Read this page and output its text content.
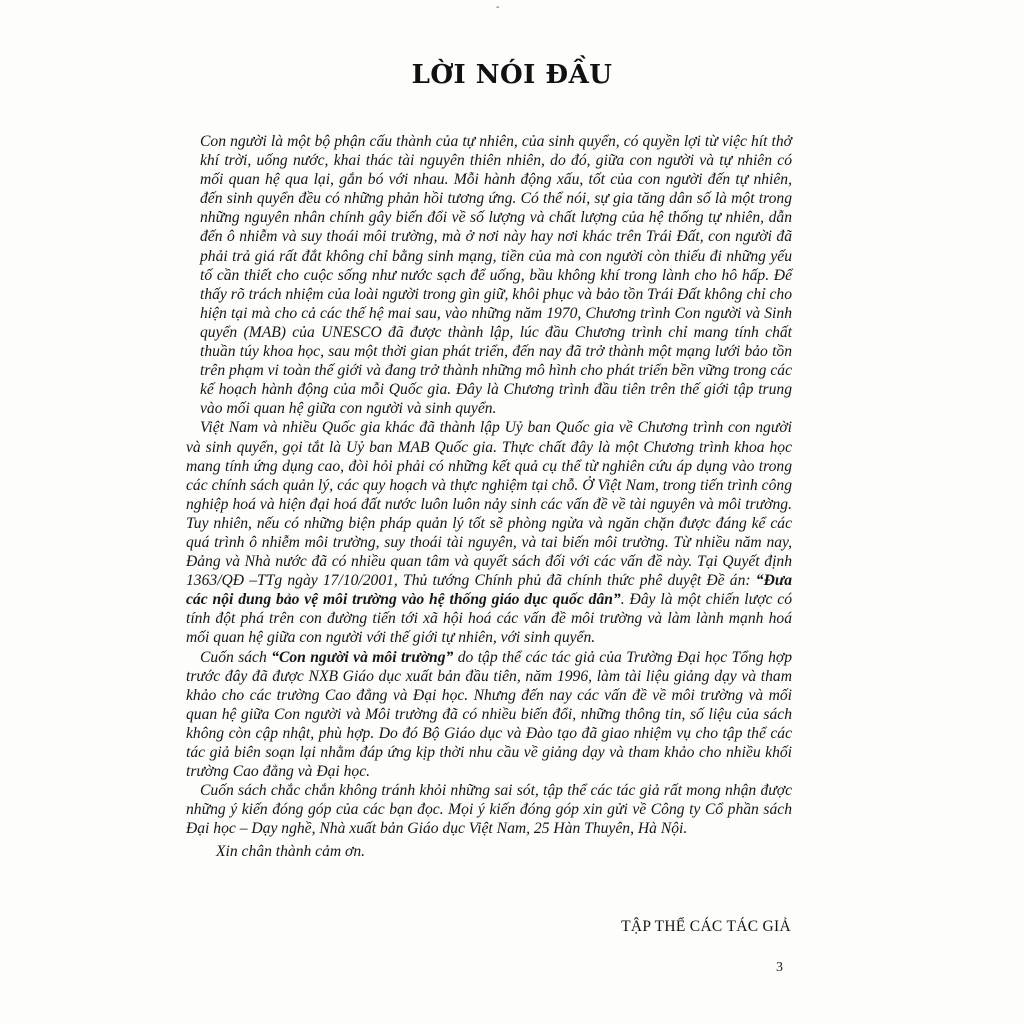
-
LỜI NÓI ĐẦU

Con người là một bộ phận cấu thành của tự nhiên, của sinh quyển, có quyền lợi từ việc hít thở khí trời, uống nước, khai thác tài nguyên thiên nhiên, do đó, giữa con người và tự nhiên có mối quan hệ qua lại, gắn bó với nhau. Mỗi hành động xấu, tốt của con người đến tự nhiên, đến sinh quyển đều có những phản hồi tương ứng. Có thể nói, sự gia tăng dân số là một trong những nguyên nhân chính gây biến đổi về số lượng và chất lượng của hệ thống tự nhiên, dẫn đến ô nhiễm và suy thoái môi trường, mà ở nơi này hay nơi khác trên Trái Đất, con người đã phải trả giá rất đắt không chỉ bằng sinh mạng, tiền của mà con người còn thiếu đi những yếu tố cần thiết cho cuộc sống như nước sạch để uống, bầu không khí trong lành cho hô hấp. Để thấy rõ trách nhiệm của loài người trong gìn giữ, khôi phục và bảo tồn Trái Đất không chỉ cho hiện tại mà cho cả các thế hệ mai sau, vào những năm 1970, Chương trình Con người và Sinh quyển (MAB) của UNESCO đã được thành lập, lúc đầu Chương trình chỉ mang tính chất thuần túy khoa học, sau một thời gian phát triển, đến nay đã trở thành một mạng lưới bảo tồn trên phạm vi toàn thế giới và đang trở thành những mô hình cho phát triển bền vững trong các kế hoạch hành động của mỗi Quốc gia. Đây là Chương trình đầu tiên trên thế giới tập trung vào mối quan hệ giữa con người và sinh quyển.

Việt Nam và nhiều Quốc gia khác đã thành lập Uỷ ban Quốc gia về Chương trình con người và sinh quyển, gọi tắt là Uỷ ban MAB Quốc gia. Thực chất đây là một Chương trình khoa học mang tính ứng dụng cao, đòi hỏi phải có những kết quả cụ thể từ nghiên cứu áp dụng vào trong các chính sách quản lý, các quy hoạch và thực nghiệm tại chỗ. Ở Việt Nam, trong tiến trình công nghiệp hoá và hiện đại hoá đất nước luôn luôn nảy sinh các vấn đề về tài nguyên và môi trường. Tuy nhiên, nếu có những biện pháp quản lý tốt sẽ phòng ngừa và ngăn chặn được đáng kể các quá trình ô nhiễm môi trường, suy thoái tài nguyên, và tai biến môi trường. Từ nhiều năm nay, Đảng và Nhà nước đã có nhiều quan tâm và quyết sách đối với các vấn đề này. Tại Quyết định 1363/QĐ –TTg ngày 17/10/2001, Thủ tướng Chính phủ đã chính thức phê duyệt Đề án: “Đưa các nội dung bảo vệ môi trường vào hệ thống giáo dục quốc dân”. Đây là một chiến lược có tính đột phá trên con đường tiến tới xã hội hoá các vấn đề môi trường và làm lành mạnh hoá mối quan hệ giữa con người với thế giới tự nhiên, với sinh quyển.

Cuốn sách “Con người và môi trường” do tập thể các tác giả của Trường Đại học Tổng hợp trước đây đã được NXB Giáo dục xuất bản đầu tiên, năm 1996, làm tài liệu giảng dạy và tham khảo cho các trường Cao đẳng và Đại học. Nhưng đến nay các vấn đề về môi trường và mối quan hệ giữa Con người và Môi trường đã có nhiều biến đổi, những thông tin, số liệu của sách không còn cập nhật, phù hợp. Do đó Bộ Giáo dục và Đào tạo đã giao nhiệm vụ cho tập thể các tác giả biên soạn lại nhằm đáp ứng kịp thời nhu cầu về giảng dạy và tham khảo cho nhiều khối trường Cao đẳng và Đại học.

Cuốn sách chắc chắn không tránh khỏi những sai sót, tập thể các tác giả rất mong nhận được những ý kiến đóng góp của các bạn đọc. Mọi ý kiến đóng góp xin gửi về Công ty Cổ phần sách Đại học – Dạy nghề, Nhà xuất bản Giáo dục Việt Nam, 25 Hàn Thuyên, Hà Nội.

Xin chân thành cảm ơn.

TẬP THỂ CÁC TÁC GIẢ
3
